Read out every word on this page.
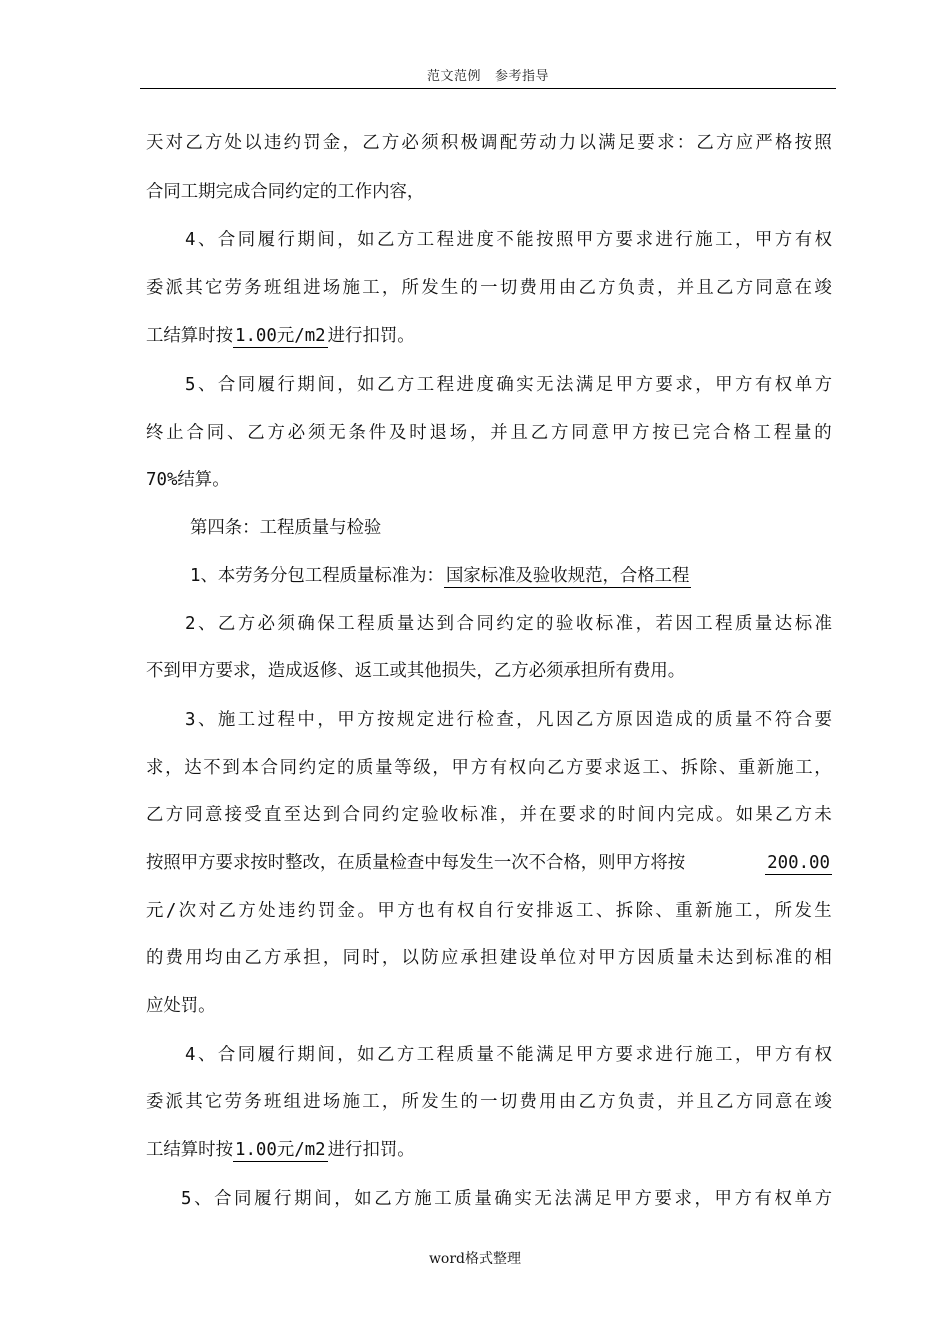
范文范例 参考指导
天 对 乙 方 处 以 违 约 罚 金 ， 乙 方 必 须 积 极 调 配 劳 动 力 以 满 足 要 求 ： 乙 方 应 严 格 按 照
合同工期完成合同约定的工作内容，
4 、 合 同 履 行 期 间 ， 如 乙 方 工 程 进 度 不 能 按 照 甲 方 要 求 进 行 施 工 ， 甲 方 有 权
委 派 其 它 劳 务 班 组 进 场 施 工 ， 所 发 生 的 一 切 费 用 由 乙 方 负 责 ， 并 且 乙 方 同 意 在 竣
工结算时按 1.00元/m2 进行扣罚。
5 、 合 同 履 行 期 间 ， 如 乙 方 工 程 进 度 确 实 无 法 满 足 甲 方 要 求 ， 甲 方 有 权 单 方
终 止 合 同 、 乙 方 必 须 无 条 件 及 时 退 场 ， 并 且 乙 方 同 意 甲 方 按 已 完 合 格 工 程 量 的
70%结算。
第四条：工程质量与检验
1、本劳务分包工程质量标准为： 国家标准及验收规范，合格工程
2 、 乙 方 必 须 确 保 工 程 质 量 达 到 合 同 约 定 的 验 收 标 准 ， 若 因 工 程 质 量 达 标 准
不到甲方要求，造成返修、返工或其他损失，乙方必须承担所有费用。
3 、 施 工 过 程 中 ， 甲 方 按 规 定 进 行 检 查 ， 凡 因 乙 方 原 因 造 成 的 质 量 不 符 合 要
求 ， 达 不 到 本 合 同 约 定 的 质 量 等 级 ， 甲 方 有 权 向 乙 方 要 求 返 工 、 拆 除 、 重 新 施 工 ，
乙 方 同 意 接 受 直 至 达 到 合 同 约 定 验 收 标 准 ， 并 在 要 求 的 时 间 内 完 成 。 如 果 乙 方 未
按照甲方要求按时整改，在质量检查中每发生一次不合格，则甲方将按	200.00
元 / 次 对 乙 方 处 违 约 罚 金 。 甲 方 也 有 权 自 行 安 排 返 工 、 拆 除 、 重 新 施 工 ， 所 发 生
的 费 用 均 由 乙 方 承 担 ， 同 时 ， 以 防 应 承 担 建 设 单 位 对 甲 方 因 质 量 未 达 到 标 准 的 相
应处罚。
4 、 合 同 履 行 期 间 ， 如 乙 方 工 程 质 量 不 能 满 足 甲 方 要 求 进 行 施 工 ， 甲 方 有 权
委 派 其 它 劳 务 班 组 进 场 施 工 ， 所 发 生 的 一 切 费 用 由 乙 方 负 责 ， 并 且 乙 方 同 意 在 竣
工结算时按 1.00元/m2 进行扣罚。
5 、 合 同 履 行 期 间 ， 如 乙 方 施 工 质 量 确 实 无 法 满 足 甲 方 要 求 ， 甲 方 有 权 单 方
word格式整理
